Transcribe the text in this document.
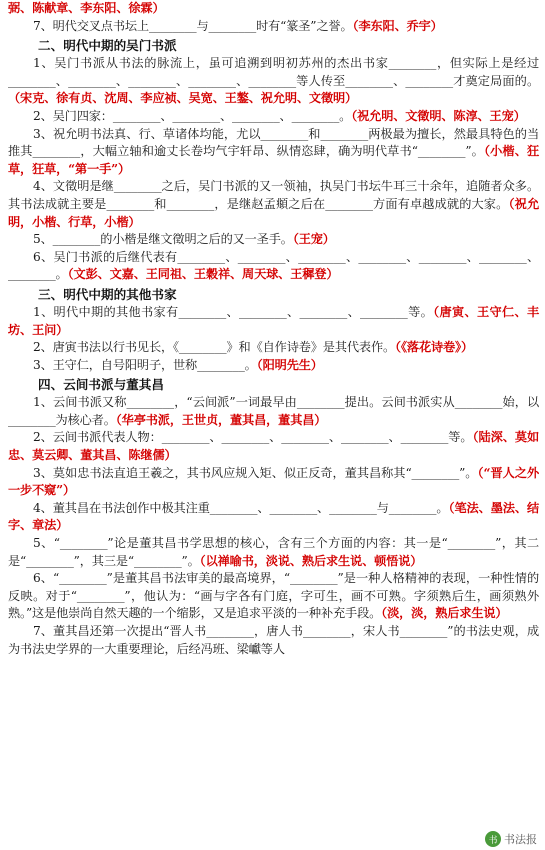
弼、陈献章、李东阳、徐霖）
7、明代交叉点书坛上________与________时有“篆圣”之誉。（李东阳、乔宇）
二、明代中期的吴门书派
1、吴门书派从书法的脉流上，虽可追溯到明初苏州的杰出书家________，但实际上是经过________、________、________、________、________等人传至________、________才奠定局面的。（宋克、徐有贞、沈周、李应祯、吴宽、王鏊、祝允明、文徵明）
2、吴门四家：________、________、________、________。（祝允明、文徵明、陈淳、王宠）
3、祝允明书法真、行、草诸体均能，尤以________和________两极最为擅长，然最具特色的当推其________，大幅立轴和逾丈长卷均气宇轩昂、纵情恣肆，确为明代草书“________”。（小楷、狂草，狂草，“第一手”）
4、文徵明是继________之后，吴门书派的又一领袖，执吴门书坛牛耳三十余年，追随者众多。其书法成就主要是________和________，是继赵孟頫之后在________方面有卓越成就的大家。（祝允明，小楷、行草，小楷）
5、________的小楷是继文徵明之后的又一圣手。（王宠）
6、吴门书派的后继代表有________、________、________、________、________、________、________。（文彭、文嘉、王同祖、王穀祥、周天球、王穉登）
三、明代中期的其他书家
1、明代中期的其他书家有________、________、________、________等。（唐寅、王守仁、丰坊、王问）
2、唐寅书法以行书见长，《________》和《自作诗卷》是其代表作。（《落花诗卷》）
3、王守仁，自号阳明子，世称________。（阳明先生）
四、云间书派与董其昌
1、云间书派又称________，“云间派”一词最早由________提出。云间书派实从________始，以________为核心者。（华亭书派，王世贞，董其昌，董其昌）
2、云间书派代表人物：________、________、________、________、________等。（陆深、莫如忠、莫云卿、董其昌、陈继儒）
3、莫如忠书法直追王羲之，其书风应规入矩、似正反奇，董其昌称其“________”。（“晋人之外一步不窥”）
4、董其昌在书法创作中极其注重________、________、________与________。（笔法、墨法、结字、章法）
5、“________”论是董其昌书学思想的核心，含有三个方面的内容：其一是“________”，其二是“________”，其三是“________”。（以禅喻书，淡说、熟后求生说、顿悟说）
6、“________”是董其昌书法审美的最高境界，“________”是一种人格精神的表现，一种性情的反映。对于“________”，他认为：“画与字各有门庭，字可生，画不可熟。字须熟后生，画须熟外熟。”这是他崇尚自然天趣的一个缩影，又是追求平淡的一种补充手段。（淡，淡，熟后求生说）
7、董其昌还第一次提出“晋人书________，唐人书________，宋人书________”的书法史观，成为书法史学界的一大重要理论，后经冯班、梁巘等人
书 书法报
